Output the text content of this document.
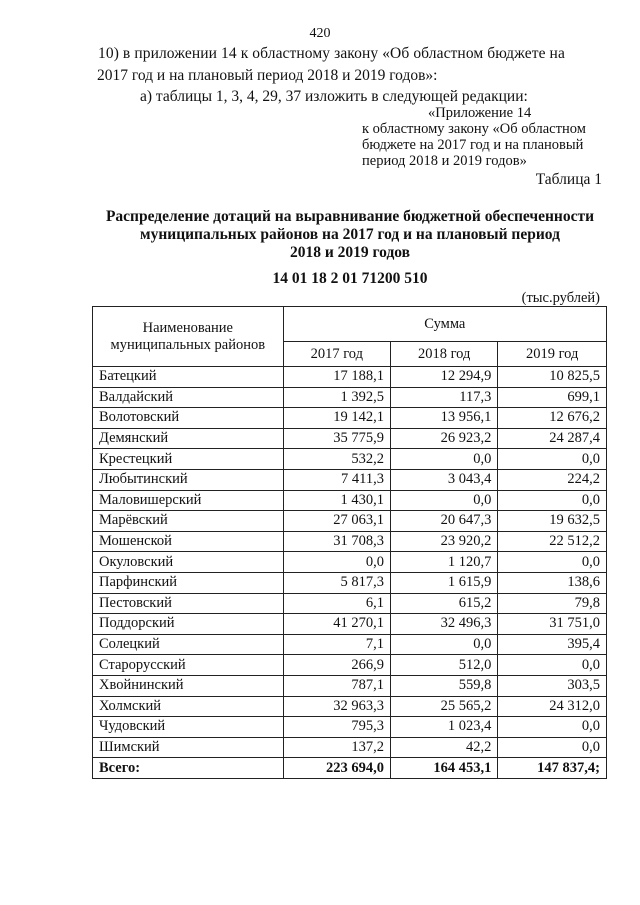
420
10) в приложении 14 к областному закону «Об областном бюджете на
2017 год и на плановый период 2018 и 2019 годов»:
а) таблицы 1, 3, 4, 29, 37 изложить в следующей редакции:
«Приложение 14
к областному закону «Об областном
бюджете на 2017 год и на плановый
период 2018 и 2019 годов»
Таблица 1
Распределение дотаций на выравнивание бюджетной обеспеченности
муниципальных районов на 2017 год и на плановый период
2018 и 2019 годов
14 01 18 2 01 71200 510
(тыс.рублей)
Наименование муниципальных районов	Сумма		
	2017 год	2018 год	2019 год
Батецкий	17 188,1	12 294,9	10 825,5
Валдайский	1 392,5	117,3	699,1
Волотовский	19 142,1	13 956,1	12 676,2
Демянский	35 775,9	26 923,2	24 287,4
Крестецкий	532,2	0,0	0,0
Любытинский	7 411,3	3 043,4	224,2
Маловишерский	1 430,1	0,0	0,0
Марёвский	27 063,1	20 647,3	19 632,5
Мошенской	31 708,3	23 920,2	22 512,2
Окуловский	0,0	1 120,7	0,0
Парфинский	5 817,3	1 615,9	138,6
Пестовский	6,1	615,2	79,8
Поддорский	41 270,1	32 496,3	31 751,0
Солецкий	7,1	0,0	395,4
Старорусский	266,9	512,0	0,0
Хвойнинский	787,1	559,8	303,5
Холмский	32 963,3	25 565,2	24 312,0
Чудовский	795,3	1 023,4	0,0
Шимский	137,2	42,2	0,0
Всего:	223 694,0	164 453,1	147 837,4;
